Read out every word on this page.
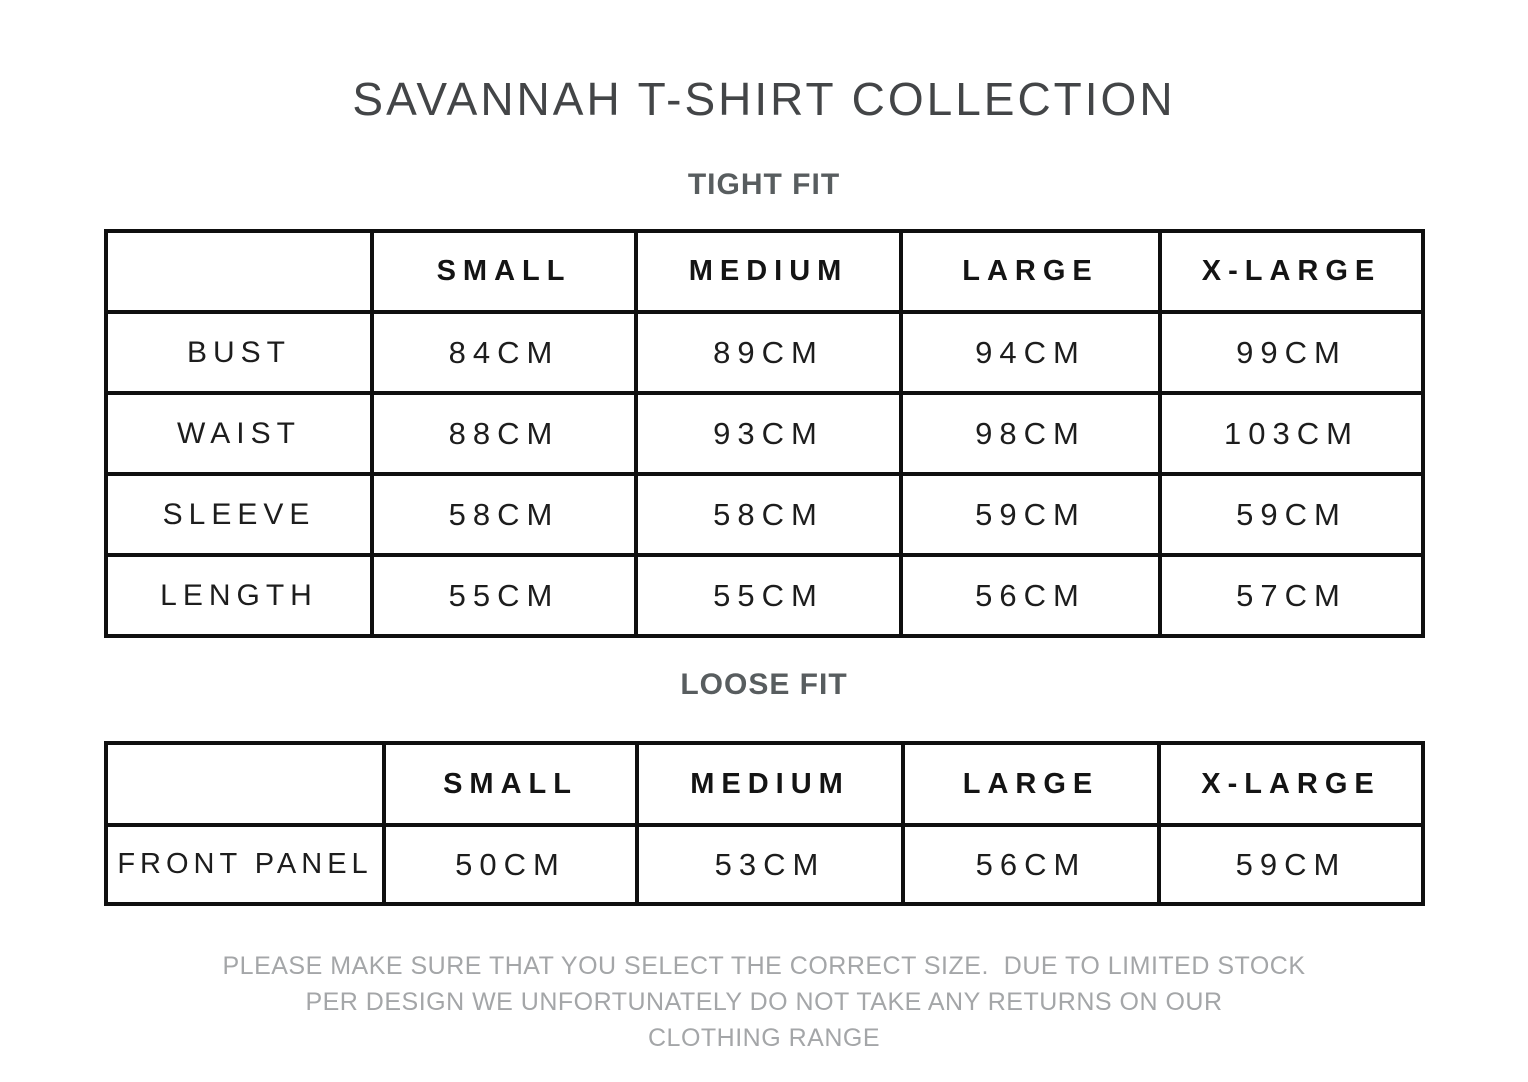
SAVANNAH T-SHIRT COLLECTION
TIGHT FIT
	SMALL	MEDIUM	LARGE	X-LARGE
BUST	84CM	89CM	94CM	99CM
WAIST	88CM	93CM	98CM	103CM
SLEEVE	58CM	58CM	59CM	59CM
LENGTH	55CM	55CM	56CM	57CM
LOOSE FIT
	SMALL	MEDIUM	LARGE	X-LARGE
FRONT PANEL	50CM	53CM	56CM	59CM
PLEASE MAKE SURE THAT YOU SELECT THE CORRECT SIZE.  DUE TO LIMITED STOCK
PER DESIGN WE UNFORTUNATELY DO NOT TAKE ANY RETURNS ON OUR
CLOTHING RANGE
